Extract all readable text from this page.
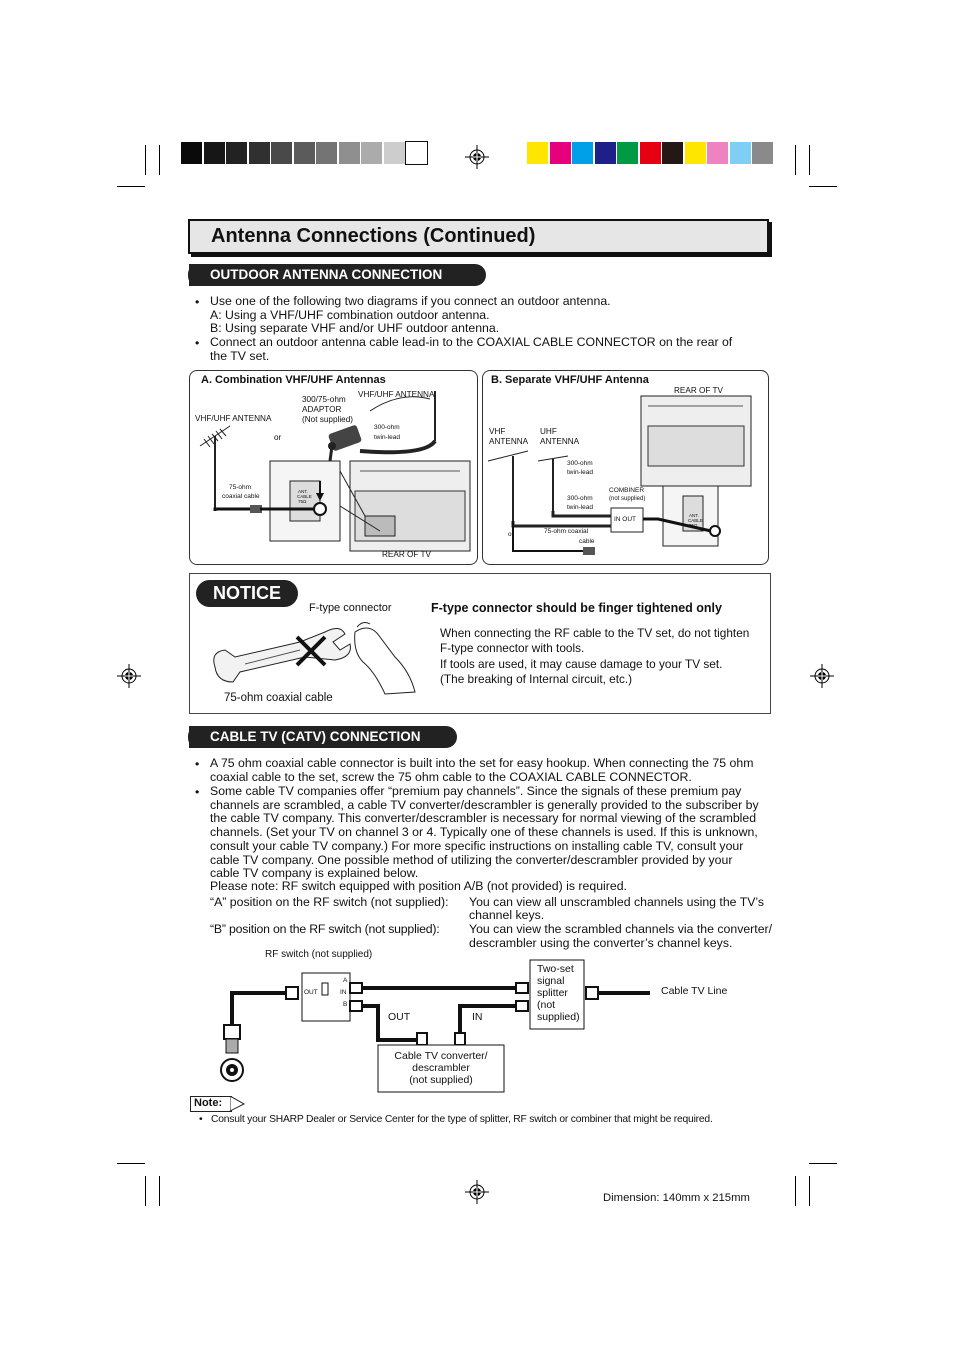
Antenna Connections (Continued)
OUTDOOR ANTENNA CONNECTION
• Use one of the following two diagrams if you connect an outdoor antenna.
A: Using a VHF/UHF combination outdoor antenna.
B: Using separate VHF and/or UHF outdoor antenna.
• Connect an outdoor antenna cable lead-in to the COAXIAL CABLE CONNECTOR on the rear of
the TV set.
A. Combination VHF/UHF Antennas
VHF/UHF ANTENNA
300/75-ohm
ADAPTOR
(Not supplied)
VHF/UHF ANTENNA
or
300-ohm
twin-lead
75-ohm
coaxial cable
ANT.
CABLE
75Ω
REAR OF TV
B. Separate VHF/UHF Antenna
REAR OF TV
VHF
ANTENNA
UHF
ANTENNA
300-ohm
twin-lead
300-ohm
twin-lead
COMBINER
(not supplied)
IN OUT
or	75-ohm coaxial
cable
ANT.
CABLE
75Ω
NOTICE
F-type connector
75-ohm coaxial cable
F-type connector should be finger tightened only
When connecting the RF cable to the TV set, do not tighten
F-type connector with tools.
If tools are used, it may cause damage to your TV set.
(The breaking of Internal circuit, etc.)
CABLE TV (CATV) CONNECTION
• A 75 ohm coaxial cable connector is built into the set for easy hookup. When connecting the 75 ohm
coaxial cable to the set, screw the 75 ohm cable to the COAXIAL CABLE CONNECTOR.
• Some cable TV companies offer “premium pay channels”. Since the signals of these premium pay
channels are scrambled, a cable TV converter/descrambler is generally provided to the subscriber by
the cable TV company. This converter/descrambler is necessary for normal viewing of the scrambled
channels. (Set your TV on channel 3 or 4. Typically one of these channels is used. If this is unknown,
consult your cable TV company.) For more specific instructions on installing cable TV, consult your
cable TV company. One possible method of utilizing the converter/descrambler provided by your
cable TV company is explained below.
Please note: RF switch equipped with position A/B (not provided) is required.
“A” position on the RF switch (not supplied): You can view all unscrambled channels using the TV’s
channel keys.
“B” position on the RF switch (not supplied): You can view the scrambled channels via the converter/
descrambler using the converter’s channel keys.
RF switch (not supplied)
OUT
A
IN
B
Two-set
signal
splitter
(not
supplied)
Cable TV Line
OUT	IN
Cable TV converter/
descrambler
(not supplied)
Note:
• Consult your SHARP Dealer or Service Center for the type of splitter, RF switch or combiner that might be required.
Dimension: 140mm x 215mm
